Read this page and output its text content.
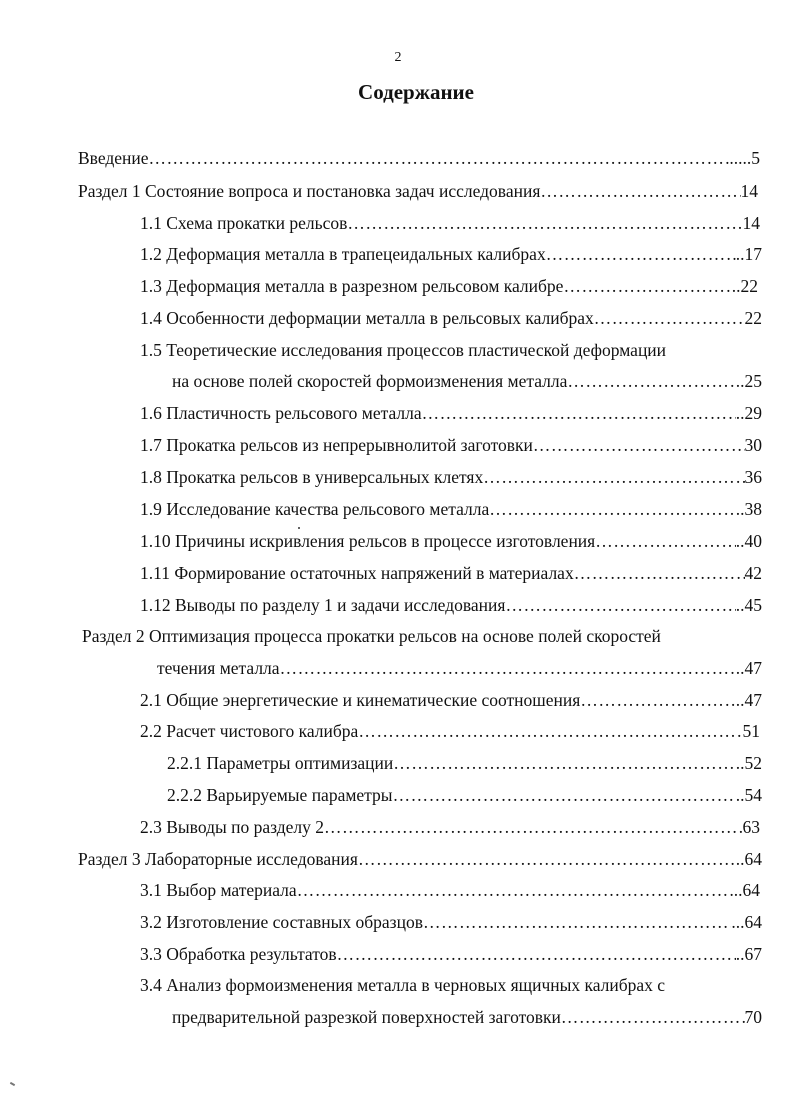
2
Содержание
Введение ………………………………………………………………………………………………………………………………………………………………	.....5
Раздел 1 Состояние вопроса и постановка задач исследования ………………………………………………………………………………………………………………………………………………………………	14
1.1 Схема прокатки рельсов ………………………………………………………………………………………………………………………………………………………………	14
1.2 Деформация металла в трапецеидальных калибрах ………………………………………………………………………………………………………………………………………………………………	..17
1.3 Деформация металла в разрезном рельсовом калибре ………………………………………………………………………………………………………………………………………………………………	..22
1.4 Особенности деформации металла в рельсовых калибрах ………………………………………………………………………………………………………………………………………………………………	22
1.5 Теоретические исследования процессов пластической деформации
на основе полей скоростей формоизменения металла ………………………………………………………………………………………………………………………………………………………………	..25
1.6 Пластичность рельсового металла ………………………………………………………………………………………………………………………………………………………………	..29
1.7 Прокатка рельсов из непрерывнолитой заготовки ………………………………………………………………………………………………………………………………………………………………	30
1.8 Прокатка рельсов в универсальных клетях ………………………………………………………………………………………………………………………………………………………………	36
1.9 Исследование качества рельсового металла ………………………………………………………………………………………………………………………………………………………………	..38
1.10 Причины искривления рельсов в процессе изготовления ………………………………………………………………………………………………………………………………………………………………	..40
1.11 Формирование остаточных напряжений в материалах ………………………………………………………………………………………………………………………………………………………………	42
1.12 Выводы по разделу 1 и задачи исследования ………………………………………………………………………………………………………………………………………………………………	..45
Раздел 2 Оптимизация процесса прокатки рельсов на основе полей скоростей
течения металла ………………………………………………………………………………………………………………………………………………………………	..47
2.1 Общие энергетические и кинематические соотношения ………………………………………………………………………………………………………………………………………………………………	..47
2.2 Расчет чистового калибра ………………………………………………………………………………………………………………………………………………………………	51
2.2.1 Параметры оптимизации ………………………………………………………………………………………………………………………………………………………………	..52
2.2.2 Варьируемые параметры ………………………………………………………………………………………………………………………………………………………………	..54
2.3 Выводы по разделу 2 ………………………………………………………………………………………………………………………………………………………………	63
Раздел 3 Лабораторные исследования ………………………………………………………………………………………………………………………………………………………………	..64
3.1 Выбор материала ………………………………………………………………………………………………………………………………………………………………	..64
3.2 Изготовление составных образцов ………………………………………………………………………………………………………………………………………………………………	...64
3.3 Обработка результатов ………………………………………………………………………………………………………………………………………………………………	..67
3.4 Анализ формоизменения металла в черновых ящичных калибрах с
предварительной разрезкой поверхностей заготовки ………………………………………………………………………………………………………………………………………………………………	70
